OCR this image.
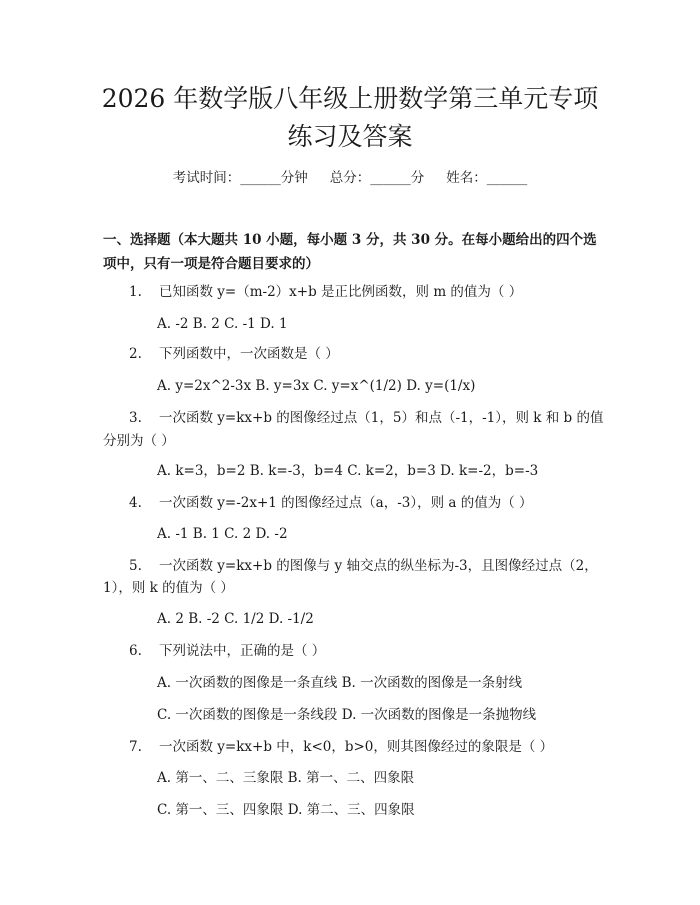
2026 年数学版八年级上册数学第三单元专项
练习及答案
考试时间：______分钟 总分：______分 姓名：______
一、选择题（本大题共 10 小题，每小题 3 分，共 30 分。在每小题给出的四个选
项中，只有一项是符合题目要求的）
1. 已知函数 y=（m-2）x+b 是正比例函数，则 m 的值为（ ）
A. -2 B. 2 C. -1 D. 1
2. 下列函数中，一次函数是（ ）
A. y=2x^2-3x B. y=3x C. y=x^(1/2) D. y=(1/x)
3. 一次函数 y=kx+b 的图像经过点（1，5）和点（-1，-1），则 k 和 b 的值
分别为（ ）
A. k=3，b=2 B. k=-3，b=4 C. k=2，b=3 D. k=-2，b=-3
4. 一次函数 y=-2x+1 的图像经过点（a，-3），则 a 的值为（ ）
A. -1 B. 1 C. 2 D. -2
5. 一次函数 y=kx+b 的图像与 y 轴交点的纵坐标为-3，且图像经过点（2，
1），则 k 的值为（ ）
A. 2 B. -2 C. 1/2 D. -1/2
6. 下列说法中，正确的是（ ）
A. 一次函数的图像是一条直线 B. 一次函数的图像是一条射线
C. 一次函数的图像是一条线段 D. 一次函数的图像是一条抛物线
7. 一次函数 y=kx+b 中，k<0，b>0，则其图像经过的象限是（ ）
A. 第一、二、三象限 B. 第一、二、四象限
C. 第一、三、四象限 D. 第二、三、四象限
